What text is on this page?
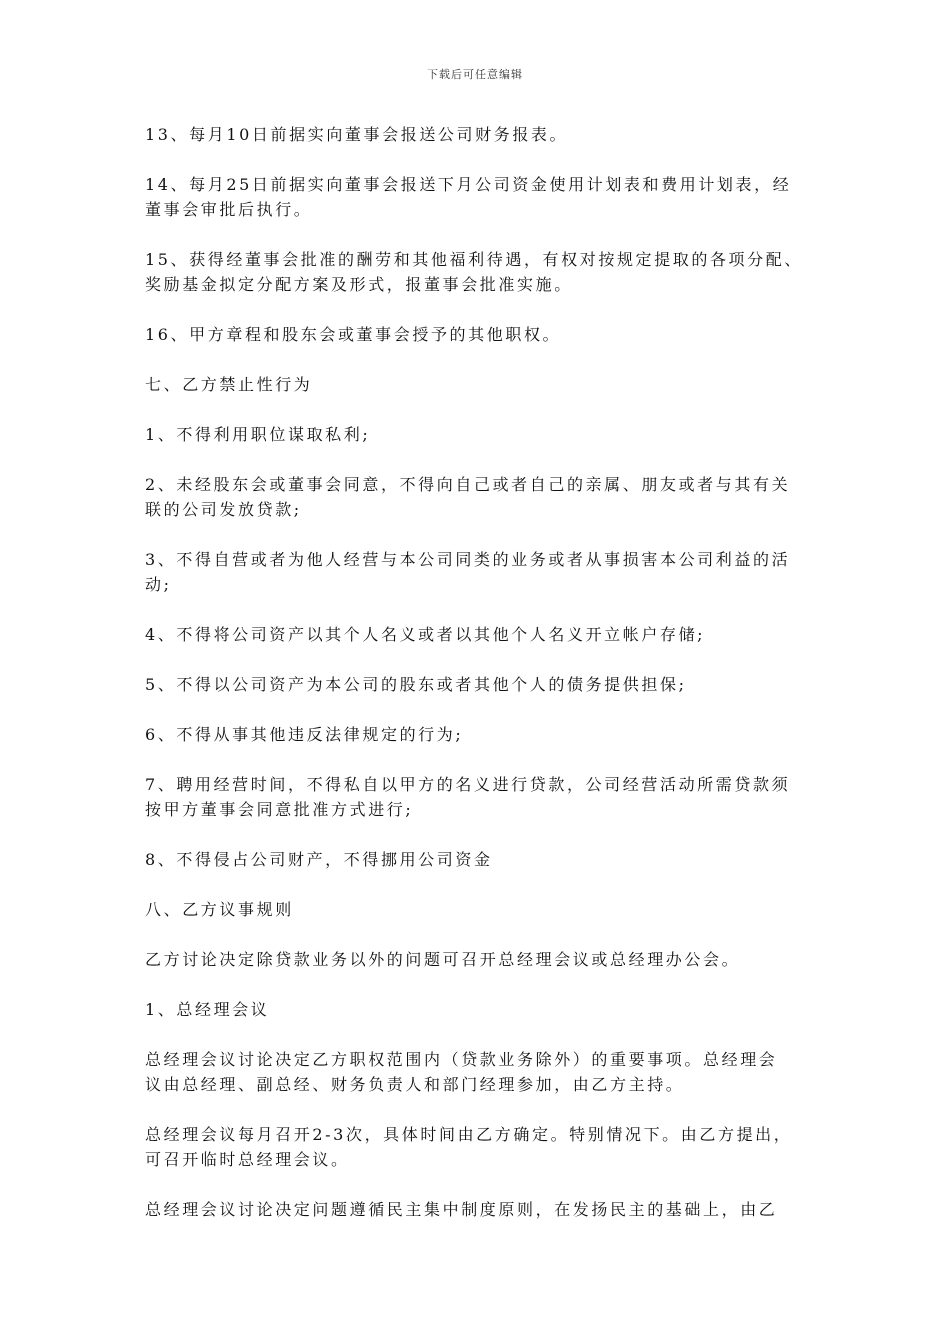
下载后可任意编辑

13、每月10日前据实向董事会报送公司财务报表。

14、每月25日前据实向董事会报送下月公司资金使用计划表和费用计划表，经
董事会审批后执行。

15、获得经董事会批准的酬劳和其他福利待遇，有权对按规定提取的各项分配、
奖励基金拟定分配方案及形式，报董事会批准实施。

16、甲方章程和股东会或董事会授予的其他职权。

七、乙方禁止性行为

1、不得利用职位谋取私利;

2、未经股东会或董事会同意，不得向自己或者自己的亲属、朋友或者与其有关
联的公司发放贷款;

3、不得自营或者为他人经营与本公司同类的业务或者从事损害本公司利益的活
动;

4、不得将公司资产以其个人名义或者以其他个人名义开立帐户存储;

5、不得以公司资产为本公司的股东或者其他个人的债务提供担保;

6、不得从事其他违反法律规定的行为;

7、聘用经营时间，不得私自以甲方的名义进行贷款，公司经营活动所需贷款须
按甲方董事会同意批准方式进行;

8、不得侵占公司财产，不得挪用公司资金

八、乙方议事规则

乙方讨论决定除贷款业务以外的问题可召开总经理会议或总经理办公会。

1、总经理会议

总经理会议讨论决定乙方职权范围内（贷款业务除外）的重要事项。总经理会
议由总经理、副总经、财务负责人和部门经理参加，由乙方主持。

总经理会议每月召开2-3次，具体时间由乙方确定。特别情况下。由乙方提出，
可召开临时总经理会议。

总经理会议讨论决定问题遵循民主集中制度原则，在发扬民主的基础上，由乙
